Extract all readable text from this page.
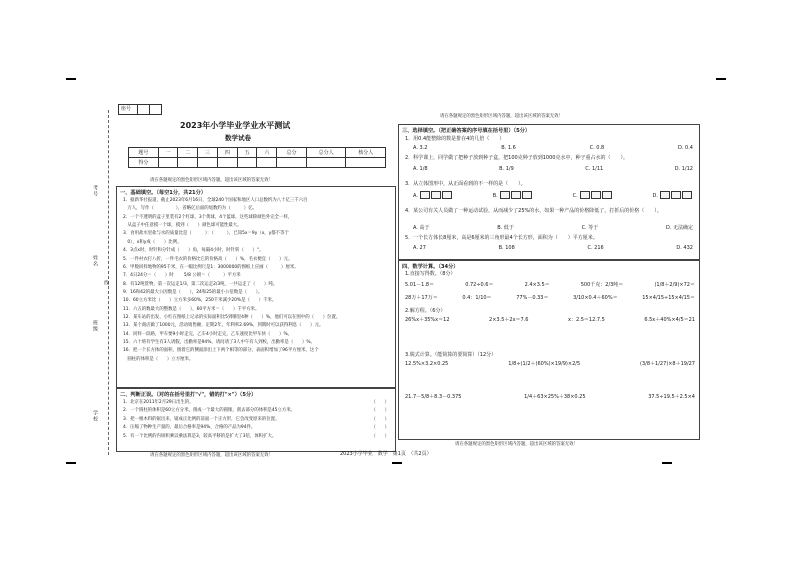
考号
姓名
班级
学校
线
座号
2023年小学毕业学业水平测试
数学试卷
题号	一	二	三	四	五	六	总分	总分人	核分人
得分									
请在各题规定的黑色矩形区域内答题，超出该区域的答案无效！
一、基础填空。（每空1分，共21分）
1．据新华社报道，截止2023年6月16日，全球240个国家和地区人口总数约为八十亿三千六百
　万人，写作（　　　　　），省略亿后面的尾数约为（　　　）亿。
2．一个不透明的盒子里装有2个红球，3个黄球，4个蓝球，这些球除颜色外完全一样，
　从盒子中任意摸一个球，摸到（　　）颜色球可能性最大。
3．食用盐水里盐与水的质量比是（　　　）：（　　　），已知5x＝9y（x，y都不等于
　0），x和y成（　　）比例。
4．3点x时，时针和分针成（　　）角，每隔4小时，时针转（　　）°。
5．一件衬衣打八折，一件毛衣的价格比它的价格高（　　）%，毛衣便宜（　　）元。
6．甲数同样地物的95千米，在一幅比例尺是1：3000000的图纸上应画（　　　）厘米。
7．4日24分＝（　　）时　　 5/8 公顷＝（　　　）平方米
8．有12吨货物，第一次运走1/3，第二次运走2/3吨，一共运走了（　　）吨。
9．16和42的最大公因数是（　　），24和25的最小公倍数是（　　）。
10．60立方米比（　　）立方米多60%，250千米减少20%是（　　）千米。
11．六五的数最大的整数是（　　），60平方米＝（　　）千平方米。
12．某车站的出发，小红在图纸上记录的实际面积比5到哪里4种（　　）%，他们可以在图中的（　　）位置。
13．某个商店做了1000元，活动销售额，定期2年，年利率2.69%，到期时可以获得利息（　　）元。
14．同样一段路，甲车要9小时走完，乙车4小时走完，乙车速度比甲车快（　　）%。
15．六十班有学生有3人请假，出勤率是94%，请问请了3人中午有人到校，出勤率是（　　）%。
16．把一个长方体的面积，围着它的侧面涂出上下两个相等的部分，表面积增加了96平方厘米，这个
　圆柱的体积是（　　）立方厘米。
二、判断正误。（对的在括号里打"√"，错的打"×"）（5分）
1．北京在2011年2月29日出生的。	（　　）
2．一个圆柱的体积是60立方分米，削成一个最大的圆锥，削去部分的体积是45立方米。	（　　）
3．把一根木料的锯出来，锯成正比例的前面一个正方形，它会改变原来的位置。	（　　）
4．压缩了物种生产量的，最后合格率是94%，合格的产品为94件。	（　　）
5．有一个比例的内项积乘以乘法算是3，较高平移的是扩大了3倍，体积扩大。	（　　）
请在各题规定的黑色矩形区域内答题，超出该区域的答案无效！
请在各题规定的黑色矩形区域内答题，超出该区域的答案无效！
三、选择填空。（把正确答案的序号填在括号里）（5分）
1．用0.4能整除的数是排在4的几倍（　　）
A. 3.2	B. 1.6	C. 0.8	D. 0.4
2．科学课上，同学做了把种子放到种子盒，把100克种子放到1000克水中，种子重占水的（　　）。
A. 1/8	B. 1/9	C. 1/11	D. 1/12
3．从立体图形中，从正面看到的不一样的是（　　）。
A.	B.	C.	D.
4．某公司有关人员做了一种运动试验，从而减少了25%的水，如果一种产品的价格降低了，打折后的价格（　　）。
A. 高于	B. 低于	C. 等于	D. 无法确定
5．一个长方体长8厘米，高是6厘米的三角形最4个长方形，面积为（　　）平方厘米。
A. 27	B. 108	C. 216	D. 432
四、数学计算。（34分）
1.直接写得数。（8分）
5.01－1.8＝	0.72÷0.6＝	2.4×3.5＝	500千克：2/3吨＝	(1/8＋2/9)×72＝
28万＋17万＝	0.4：1/10＝	77%－0.33＝	3/10×0.4＋60%＝	15×4/15÷15×4/15＝
2.解方程。（6分）
26%x＋35%x＝12	2×3.5＋2x＝7.6	x：2.5＝12.7.5	6.5x＋40%×4/5＝21
3.脱式计算。（能简算的要简算）（12分）
12.5%×3.2×0.25	1/8÷(1/2＋(60%)×19/9)×2/5	(3/8＋1/27)×8＋19/27
21.7－5/8＋8.3－0.375	1/4＋63×25%＋38×0.25	37.5÷19.5＋2.5×4
请在各题规定的黑色矩形区域内答题，超出该区域的答案无效！
2023小学毕业　数学　第1页　（共2页）
